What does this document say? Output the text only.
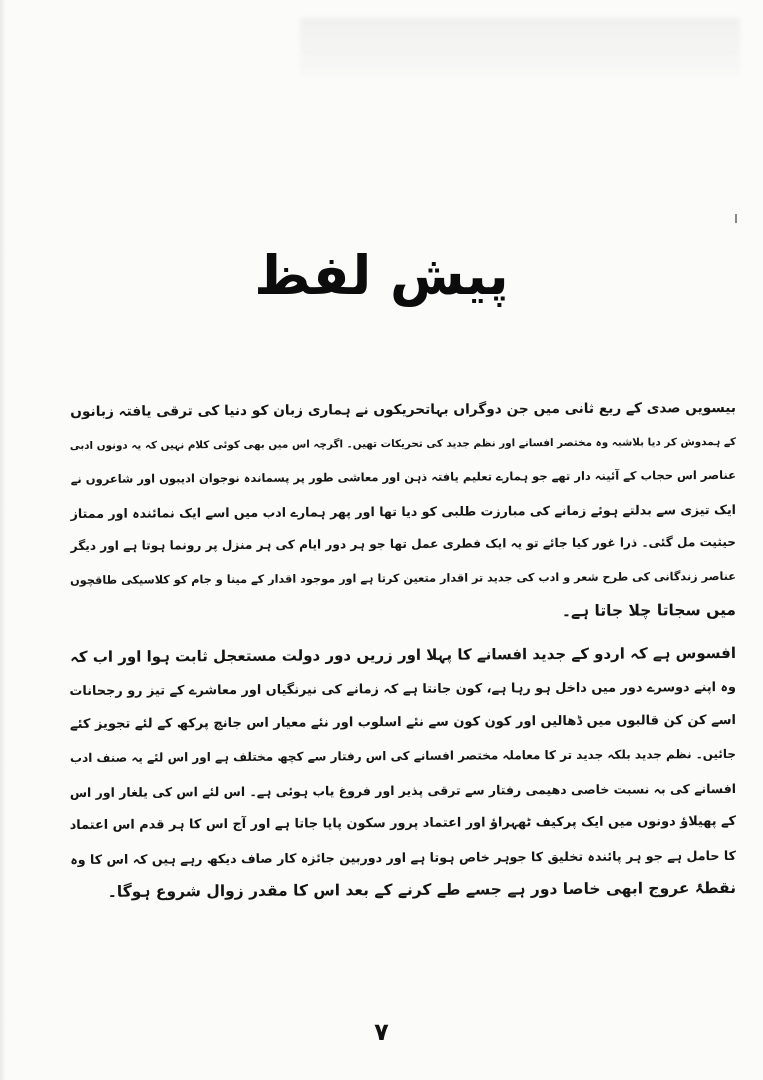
پیش لفظ
بیسویں صدی کے ربع ثانی میں جن دوگراں بہاتحریکوں نے ہماری زبان کو دنیا کی ترقی یافتہ زبانوں
کے ہمدوش کر دیا بلاشبہ وہ مختصر افسانے اور نظم جدید کی تحریکات تھیں۔ اگرچہ اس میں بھی کوئی کلام نہیں کہ یہ دونوں ادبی
عناصر اس حجاب کے آئینہ دار تھے جو ہمارے تعلیم یافتہ ذہن اور معاشی طور پر پسماندہ نوجوان ادیبوں اور شاعروں نے
ایک تیزی سے بدلتے ہوئے زمانے کی مبارزت طلبی کو دیا تھا اور پھر ہمارے ادب میں اسے ایک نمائندہ اور ممتاز
حیثیت مل گئی۔ ذرا غور کیا جائے تو یہ ایک فطری عمل تھا جو ہر دور ایام کی ہر منزل پر رونما ہوتا ہے اور دیگر
عناصر زندگانی کی طرح شعر و ادب کی جدید تر اقدار متعین کرتا ہے اور موجود اقدار کے مینا و جام کو کلاسیکی طاقچوں
میں سجاتا چلا جاتا ہے۔
افسوس ہے کہ اردو کے جدید افسانے کا پہلا اور زریں دور دولت مستعجل ثابت ہوا اور اب کہ
وہ اپنے دوسرے دور میں داخل ہو رہا ہے، کون جانتا ہے کہ زمانے کی نیرنگیاں اور معاشرے کے تیز رو رجحانات
اسے کن کن قالبوں میں ڈھالیں اور کون کون سے نئے اسلوب اور نئے معیار اس جانچ پرکھ کے لئے تجویز کئے
جائیں۔ نظم جدید بلکہ جدید تر کا معاملہ مختصر افسانے کی اس رفتار سے کچھ مختلف ہے اور اس لئے یہ صنف ادب
افسانے کی بہ نسبت خاصی دھیمی رفتار سے ترقی پذیر اور فروغ یاب ہوئی ہے۔ اس لئے اس کی یلغار اور اس
کے پھیلاؤ دونوں میں ایک پرکیف ٹھہراؤ اور اعتماد پرور سکون پایا جاتا ہے اور آج اس کا ہر قدم اس اعتماد
کا حامل ہے جو ہر پائندہ تخلیق کا جوہر خاص ہوتا ہے اور دوربین جائزہ کار صاف دیکھ رہے ہیں کہ اس کا وہ
نقطۂ عروج ابھی خاصا دور ہے جسے طے کرنے کے بعد اس کا مقدر زوال شروع ہوگا۔
۷
